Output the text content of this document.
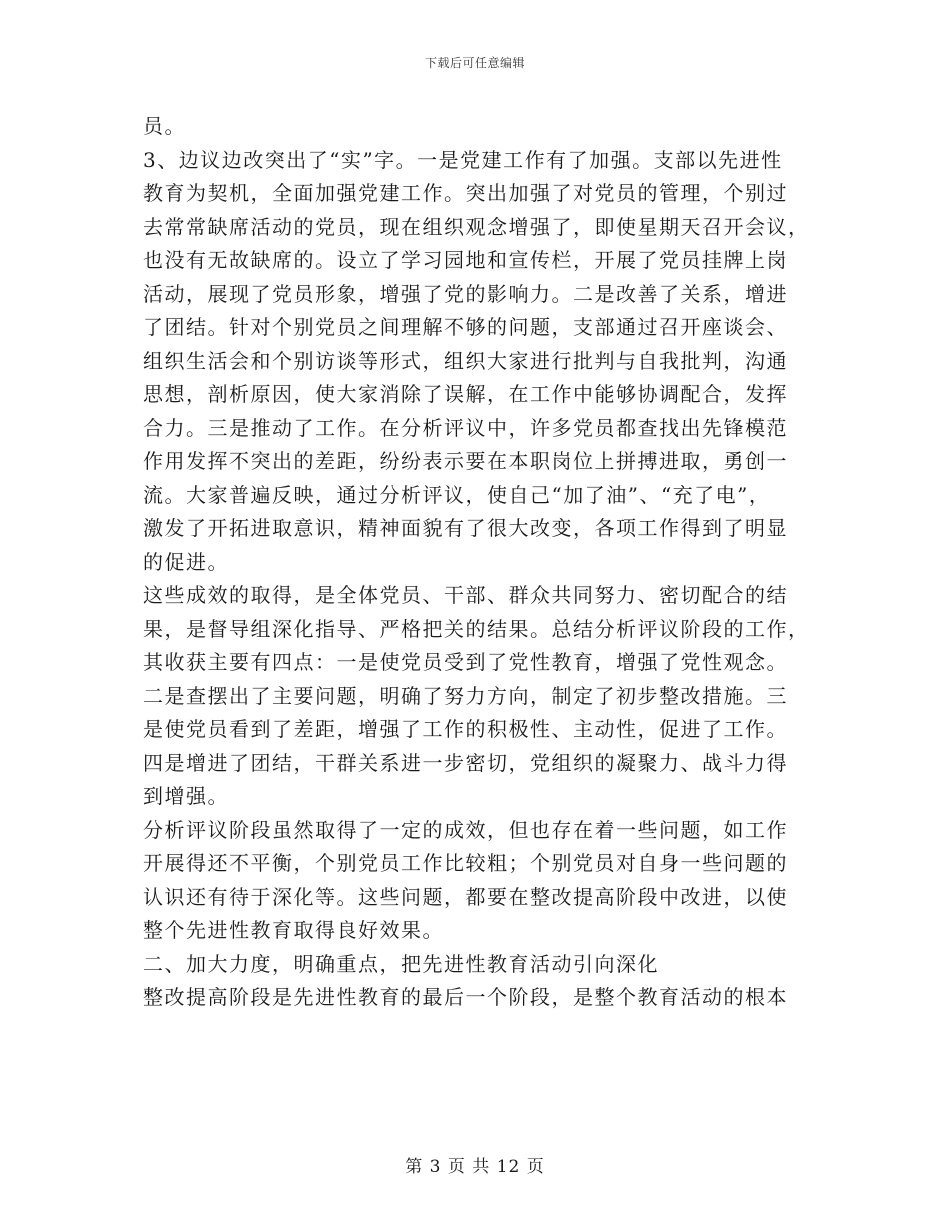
下载后可任意编辑
员。
3、边议边改突出了“实”字。一是党建工作有了加强。支部以先进性
教育为契机，全面加强党建工作。突出加强了对党员的管理，个别过
去常常缺席活动的党员，现在组织观念增强了，即使星期天召开会议，
也没有无故缺席的。设立了学习园地和宣传栏，开展了党员挂牌上岗
活动，展现了党员形象，增强了党的影响力。二是改善了关系，增进
了团结。针对个别党员之间理解不够的问题，支部通过召开座谈会、
组织生活会和个别访谈等形式，组织大家进行批判与自我批判，沟通
思想，剖析原因，使大家消除了误解，在工作中能够协调配合，发挥
合力。三是推动了工作。在分析评议中，许多党员都查找出先锋模范
作用发挥不突出的差距，纷纷表示要在本职岗位上拼搏进取，勇创一
流。大家普遍反映，通过分析评议，使自己“加了油”、“充了电”，
激发了开拓进取意识，精神面貌有了很大改变，各项工作得到了明显
的促进。
这些成效的取得，是全体党员、干部、群众共同努力、密切配合的结
果，是督导组深化指导、严格把关的结果。总结分析评议阶段的工作，
其收获主要有四点：一是使党员受到了党性教育，增强了党性观念。
二是查摆出了主要问题，明确了努力方向，制定了初步整改措施。三
是使党员看到了差距，增强了工作的积极性、主动性，促进了工作。
四是增进了团结，干群关系进一步密切，党组织的凝聚力、战斗力得
到增强。
分析评议阶段虽然取得了一定的成效，但也存在着一些问题，如工作
开展得还不平衡，个别党员工作比较粗；个别党员对自身一些问题的
认识还有待于深化等。这些问题，都要在整改提高阶段中改进，以使
整个先进性教育取得良好效果。
二、加大力度，明确重点，把先进性教育活动引向深化
整改提高阶段是先进性教育的最后一个阶段，是整个教育活动的根本
第 3 页 共 12 页
